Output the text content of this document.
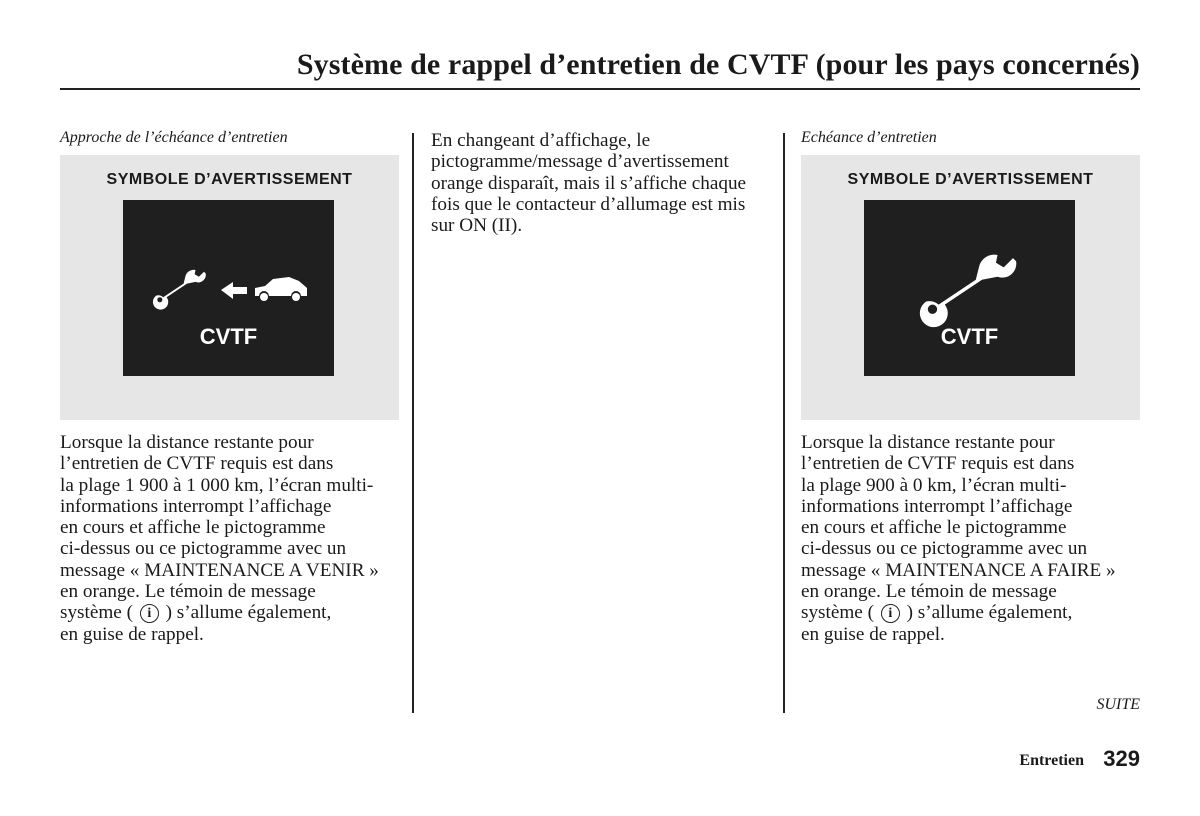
Système de rappel d’entretien de CVTF (pour les pays concernés)
Approche de l’échéance d’entretien
SYMBOLE D’AVERTISSEMENT
CVTF
Lorsque la distance restante pour
l’entretien de CVTF requis est dans
la plage 1 900 à 1 000 km, l’écran multi-
informations interrompt l’affichage
en cours et affiche le pictogramme
ci-dessus ou ce pictogramme avec un
message « MAINTENANCE A VENIR »
en orange. Le témoin de message
système ( i ) s’allume également,
en guise de rappel.
En changeant d’affichage, le
pictogramme/message d’avertissement
orange disparaît, mais il s’affiche chaque
fois que le contacteur d’allumage est mis
sur ON (II).
Echéance d’entretien
SYMBOLE D’AVERTISSEMENT
CVTF
Lorsque la distance restante pour
l’entretien de CVTF requis est dans
la plage 900 à 0 km, l’écran multi-
informations interrompt l’affichage
en cours et affiche le pictogramme
ci-dessus ou ce pictogramme avec un
message « MAINTENANCE A FAIRE »
en orange. Le témoin de message
système ( i ) s’allume également,
en guise de rappel.
SUITE
Entretien 329
